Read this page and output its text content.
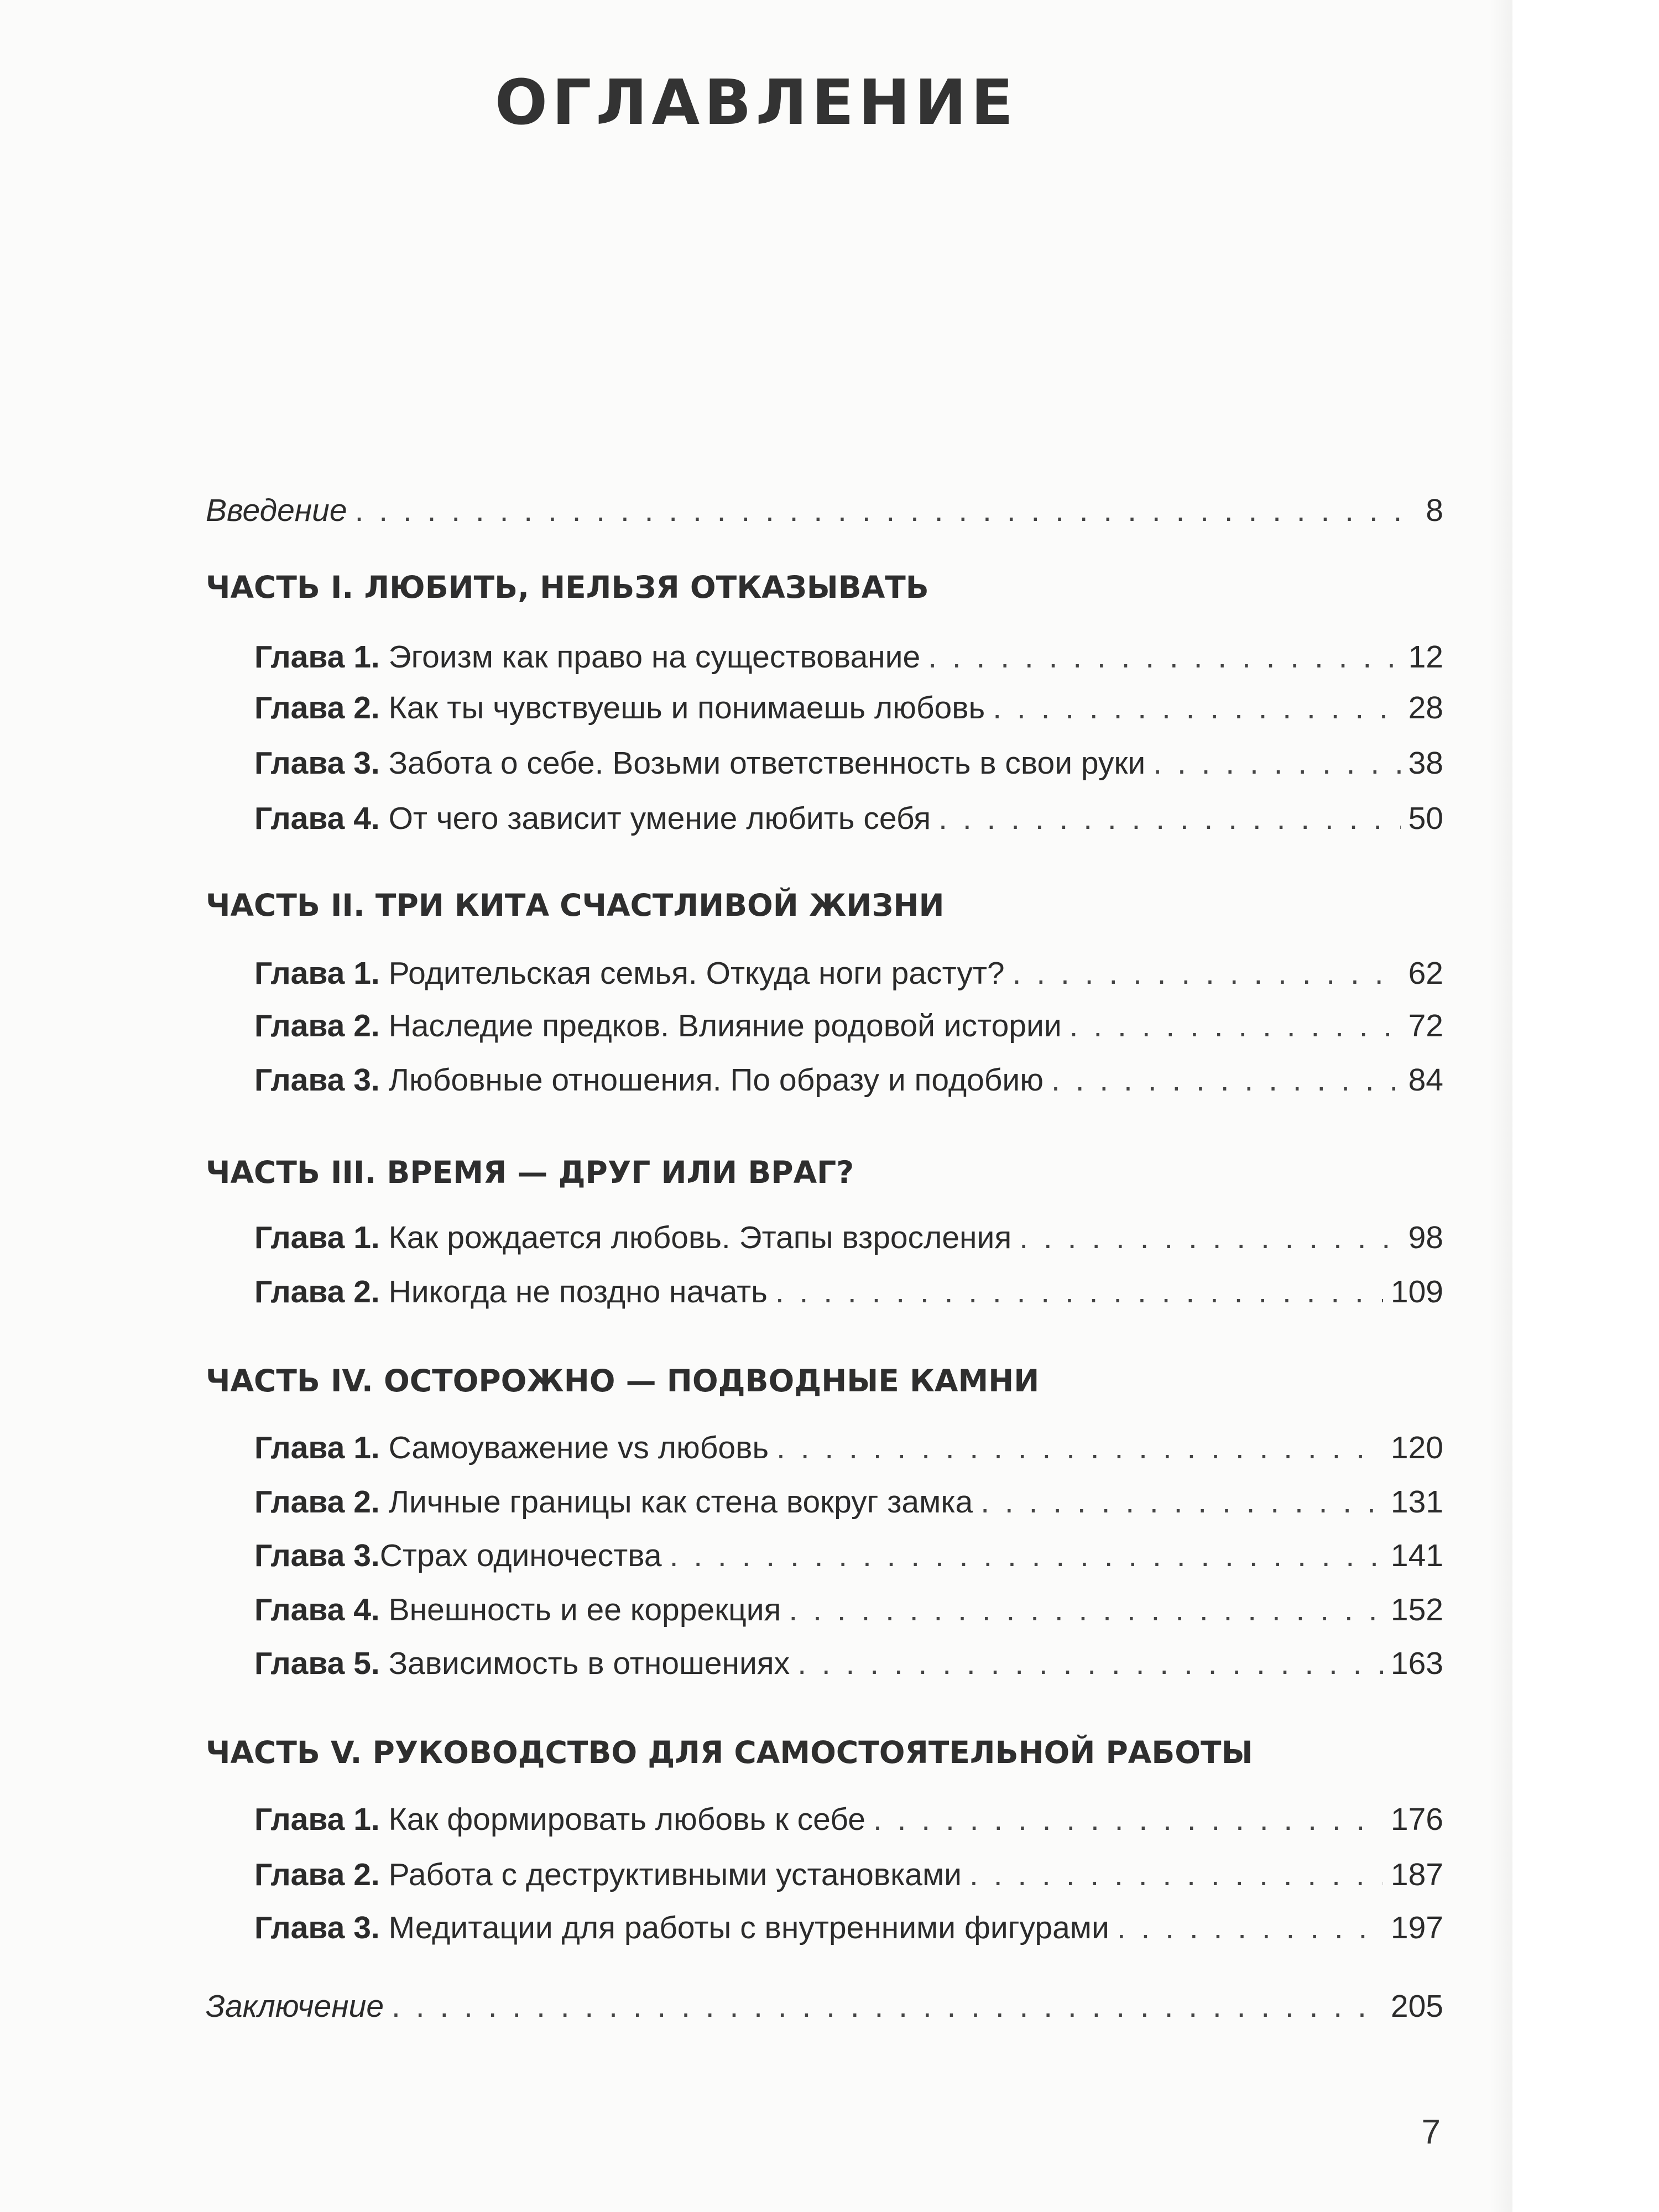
ОГЛАВЛЕНИЕ
Введение . . .	8
ЧАСТЬ I. ЛЮБИТЬ, НЕЛЬЗЯ ОТКАЗЫВАТЬ
Глава 1. Эгоизм как право на существование . . .	12
Глава 2. Как ты чувствуешь и понимаешь любовь . . .	28
Глава 3. Забота о себе. Возьми ответственность в свои руки . . .	38
Глава 4. От чего зависит умение любить себя . . .	50
ЧАСТЬ II. ТРИ КИТА СЧАСТЛИВОЙ ЖИЗНИ
Глава 1. Родительская семья. Откуда ноги растут? . . .	62
Глава 2. Наследие предков. Влияние родовой истории . . .	72
Глава 3. Любовные отношения. По образу и подобию . . .	84
ЧАСТЬ III. ВРЕМЯ — ДРУГ ИЛИ ВРАГ?
Глава 1. Как рождается любовь. Этапы взросления . . .	98
Глава 2. Никогда не поздно начать . . .	109
ЧАСТЬ IV. ОСТОРОЖНО — ПОДВОДНЫЕ КАМНИ
Глава 1. Самоуважение vs любовь . . .	120
Глава 2. Личные границы как стена вокруг замка . . .	131
Глава 3.Страх одиночества . . .	141
Глава 4. Внешность и ее коррекция . . .	152
Глава 5. Зависимость в отношениях . . .	163
ЧАСТЬ V. РУКОВОДСТВО ДЛЯ САМОСТОЯТЕЛЬНОЙ РАБОТЫ
Глава 1. Как формировать любовь к себе . . .	176
Глава 2. Работа с деструктивными установками . . .	187
Глава 3. Медитации для работы с внутренними фигурами . . .	197
Заключение . . .	205
7
